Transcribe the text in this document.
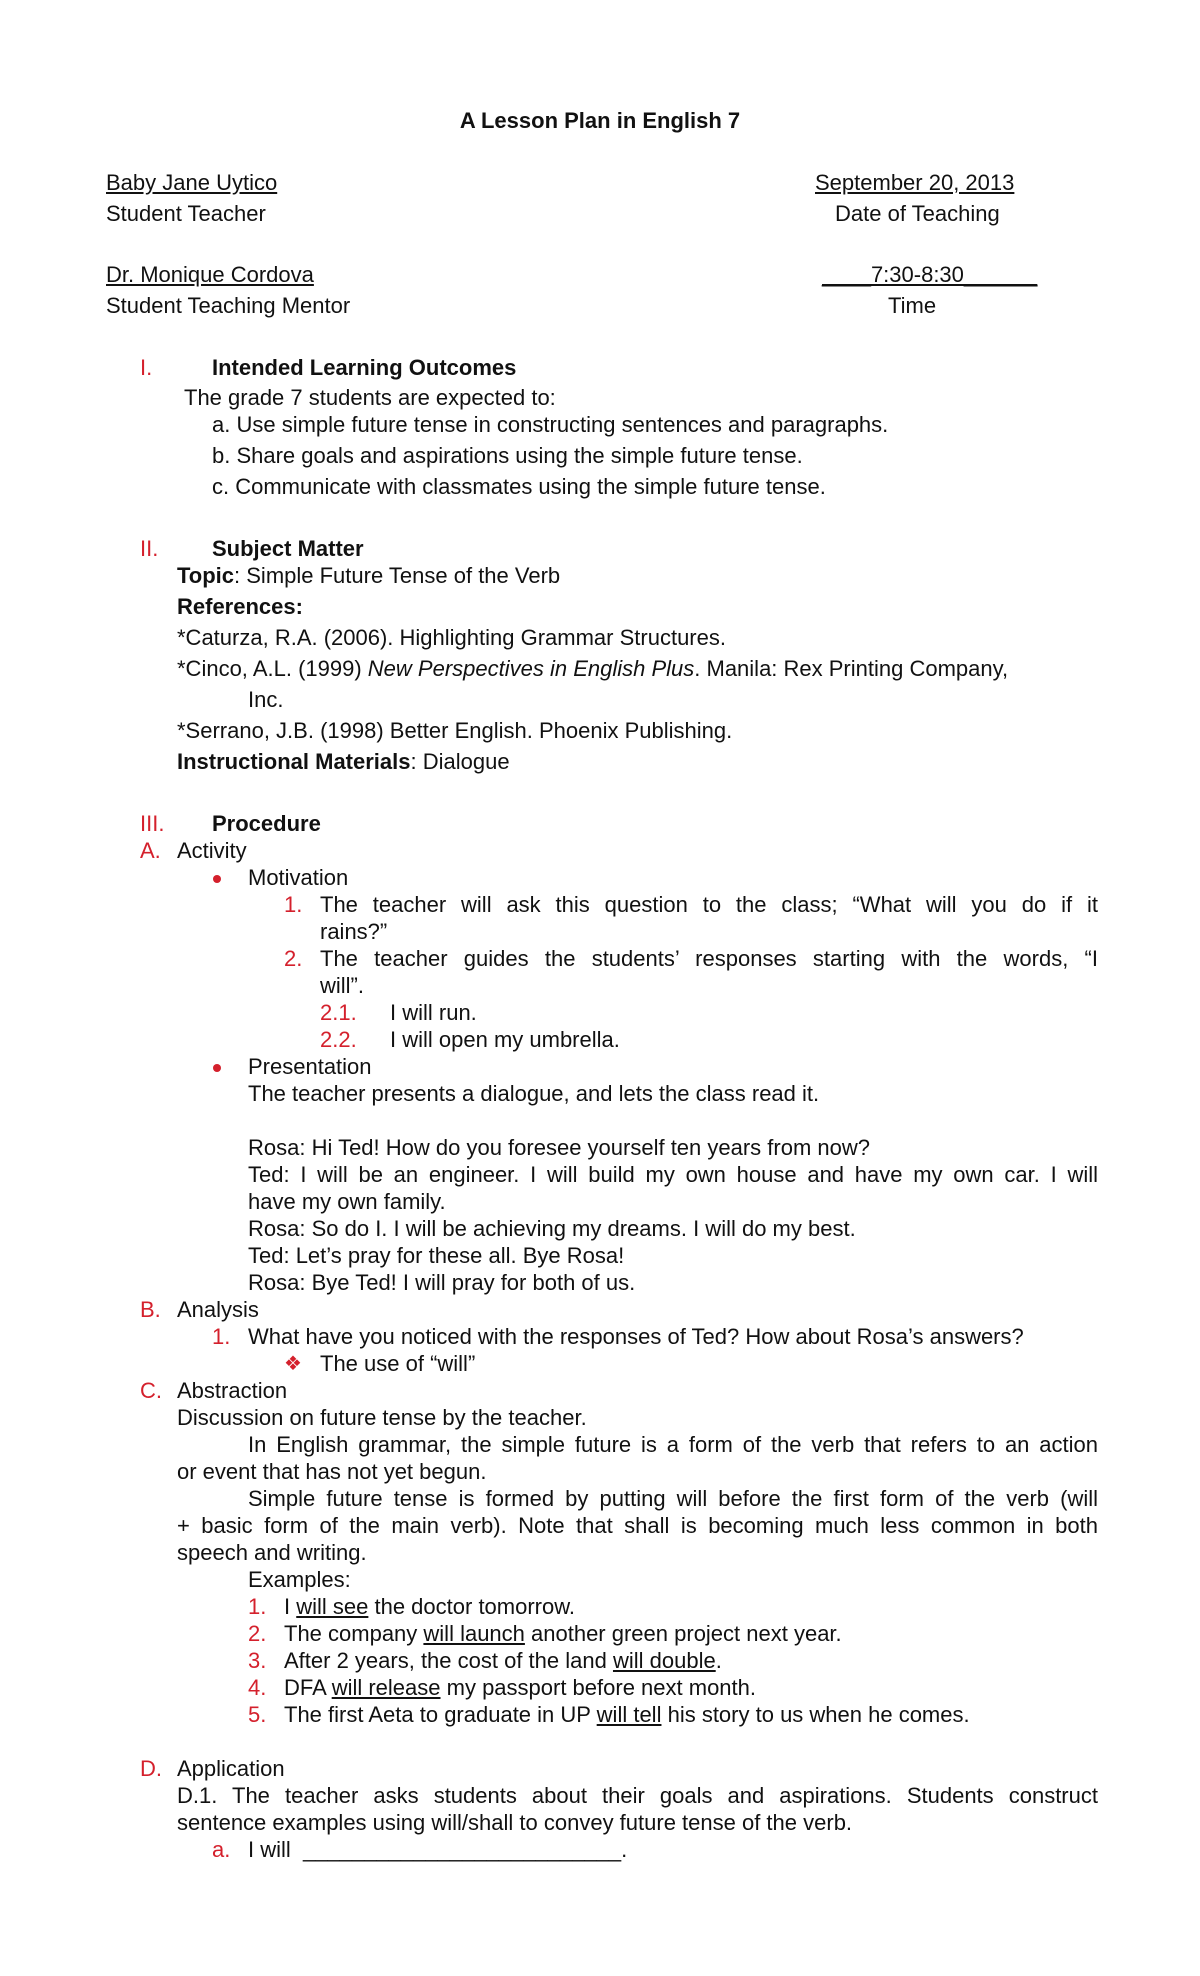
A Lesson Plan in English 7
Baby Jane Uytico
Student Teacher
September 20, 2013
Date of Teaching
Dr. Monique Cordova
Student Teaching Mentor
____7:30-8:30______
Time
I.	Intended Learning Outcomes
The grade 7 students are expected to:
a. Use simple future tense in constructing sentences and paragraphs.
b. Share goals and aspirations using the simple future tense.
c. Communicate with classmates using the simple future tense.
II. Subject Matter
Topic: Simple Future Tense of the Verb
References:
*Caturza, R.A. (2006). Highlighting Grammar Structures.
*Cinco, A.L. (1999) New Perspectives in English Plus. Manila: Rex Printing Company,
Inc.
*Serrano, J.B. (1998) Better English. Phoenix Publishing.
Instructional Materials: Dialogue
III. Procedure
A. Activity
Motivation
1. The teacher will ask this question to the class; “What will you do if it
rains?”
2. The teacher guides the students’ responses starting with the words, “I
will”.
2.1. I will run.
2.2. I will open my umbrella.
Presentation
The teacher presents a dialogue, and lets the class read it.
Rosa: Hi Ted! How do you foresee yourself ten years from now?
Ted: I will be an engineer. I will build my own house and have my own car. I will
have my own family.
Rosa: So do I. I will be achieving my dreams. I will do my best.
Ted: Let’s pray for these all. Bye Rosa!
Rosa: Bye Ted! I will pray for both of us.
B. Analysis
1. What have you noticed with the responses of Ted? How about Rosa’s answers?
❖ The use of “will”
C. Abstraction
Discussion on future tense by the teacher.
In English grammar, the simple future is a form of the verb that refers to an action
or event that has not yet begun.
Simple future tense is formed by putting will before the first form of the verb (will
+ basic form of the main verb). Note that shall is becoming much less common in both
speech and writing.
Examples:
1. I will see the doctor tomorrow.
2. The company will launch another green project next year.
3. After 2 years, the cost of the land will double.
4. DFA will release my passport before next month.
5. The first Aeta to graduate in UP will tell his story to us when he comes.
D. Application
D.1. The teacher asks students about their goals and aspirations. Students construct
sentence examples using will/shall to convey future tense of the verb.
a. I will __________________________.
